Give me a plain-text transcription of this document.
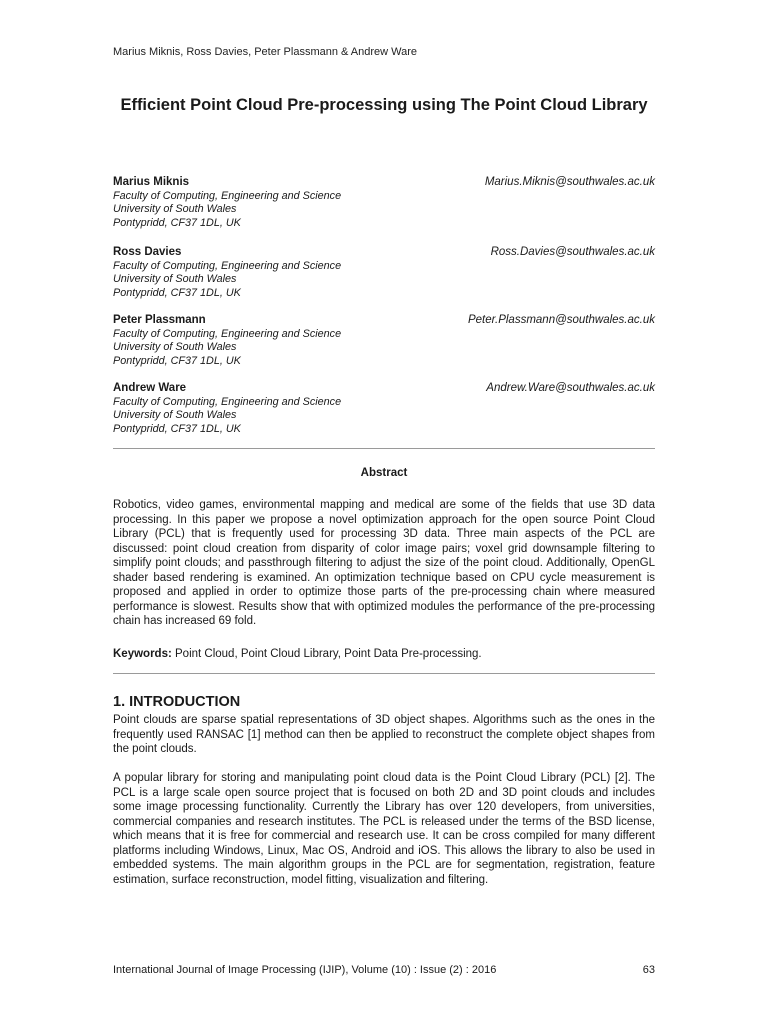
Marius Miknis, Ross Davies, Peter Plassmann & Andrew Ware
Efficient Point Cloud Pre-processing using The Point Cloud Library
Marius Miknis	Marius.Miknis@southwales.ac.uk
Faculty of Computing, Engineering and Science
University of South Wales
Pontypridd, CF37 1DL, UK
Ross Davies	Ross.Davies@southwales.ac.uk
Faculty of Computing, Engineering and Science
University of South Wales
Pontypridd, CF37 1DL, UK
Peter Plassmann	Peter.Plassmann@southwales.ac.uk
Faculty of Computing, Engineering and Science
University of South Wales
Pontypridd, CF37 1DL, UK
Andrew Ware	Andrew.Ware@southwales.ac.uk
Faculty of Computing, Engineering and Science
University of South Wales
Pontypridd, CF37 1DL, UK
Abstract
Robotics, video games, environmental mapping and medical are some of the fields that use 3D data processing. In this paper we propose a novel optimization approach for the open source Point Cloud Library (PCL) that is frequently used for processing 3D data. Three main aspects of the PCL are discussed: point cloud creation from disparity of color image pairs; voxel grid downsample filtering to simplify point clouds; and passthrough filtering to adjust the size of the point cloud. Additionally, OpenGL shader based rendering is examined. An optimization technique based on CPU cycle measurement is proposed and applied in order to optimize those parts of the pre-processing chain where measured performance is slowest. Results show that with optimized modules the performance of the pre-processing chain has increased 69 fold.
Keywords: Point Cloud, Point Cloud Library, Point Data Pre-processing.
1. INTRODUCTION
Point clouds are sparse spatial representations of 3D object shapes. Algorithms such as the ones in the frequently used RANSAC [1] method can then be applied to reconstruct the complete object shapes from the point clouds.
A popular library for storing and manipulating point cloud data is the Point Cloud Library (PCL) [2]. The PCL is a large scale open source project that is focused on both 2D and 3D point clouds and includes some image processing functionality. Currently the Library has over 120 developers, from universities, commercial companies and research institutes. The PCL is released under the terms of the BSD license, which means that it is free for commercial and research use. It can be cross compiled for many different platforms including Windows, Linux, Mac OS, Android and iOS. This allows the library to also be used in embedded systems. The main algorithm groups in the PCL are for segmentation, registration, feature estimation, surface reconstruction, model fitting, visualization and filtering.
International Journal of Image Processing (IJIP), Volume (10) : Issue (2) : 2016	63
